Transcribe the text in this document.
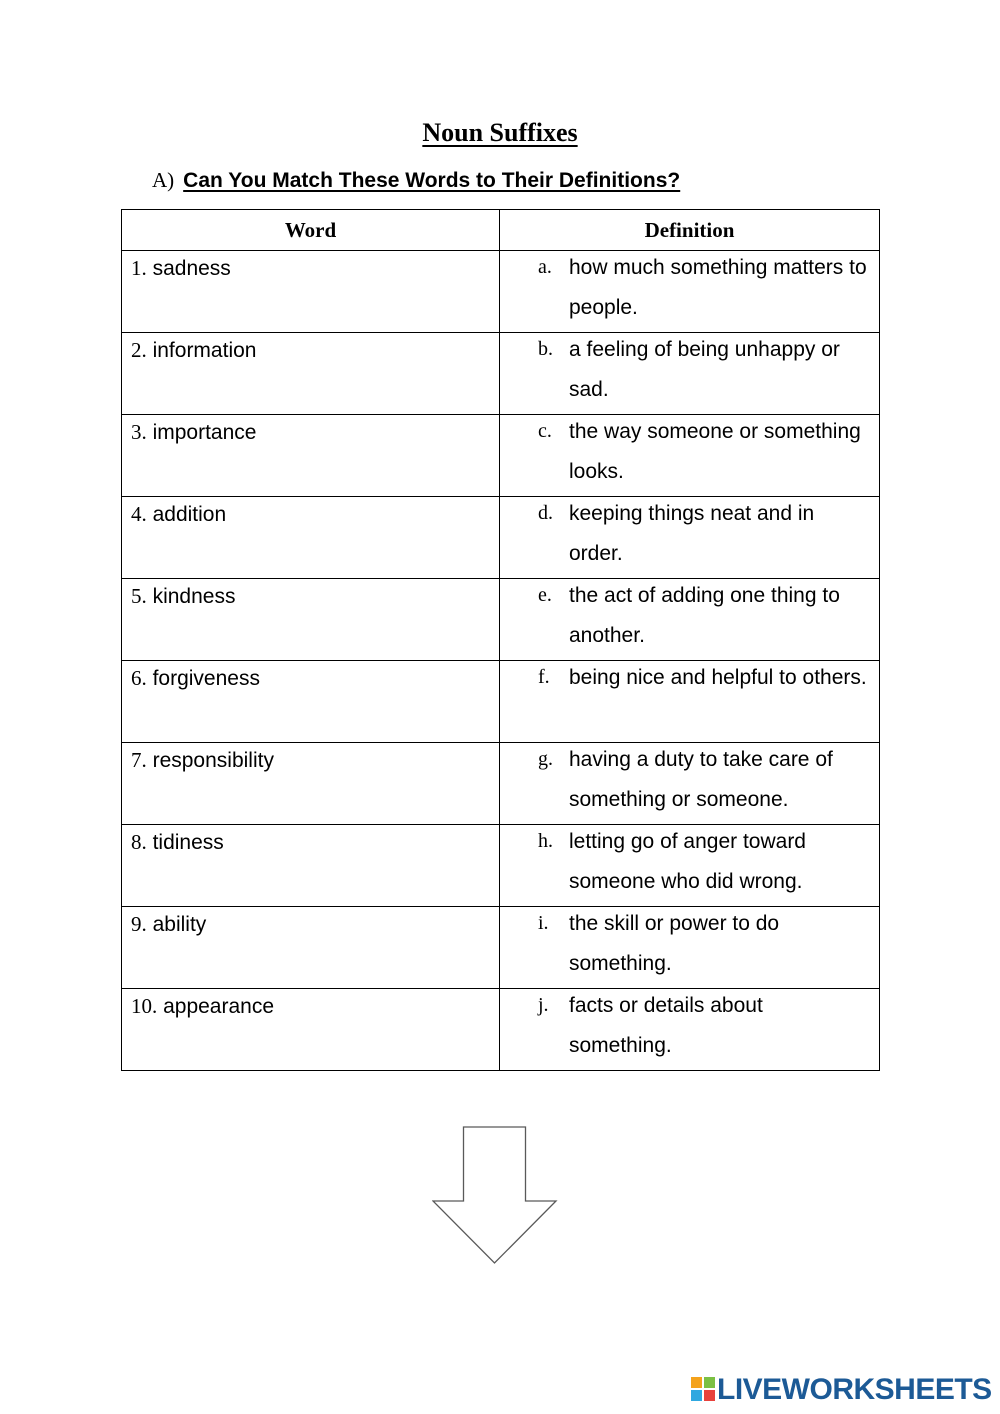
Noun Suffixes
A) Can You Match These Words to Their Definitions?
Word	Definition

1. sadness	a. how much something matters to people.

2. information	b. a feeling of being unhappy or sad.

3. importance	c. the way someone or something looks.

4. addition	d. keeping things neat and in order.

5. kindness	e. the act of adding one thing to another.

6. forgiveness	f. being nice and helpful to others.

7. responsibility	g. having a duty to take care of something or someone.

8. tidiness	h. letting go of anger toward someone who did wrong.

9. ability	i. the skill or power to do something.

10. appearance	j. facts or details about something.
LIVEWORKSHEETS
